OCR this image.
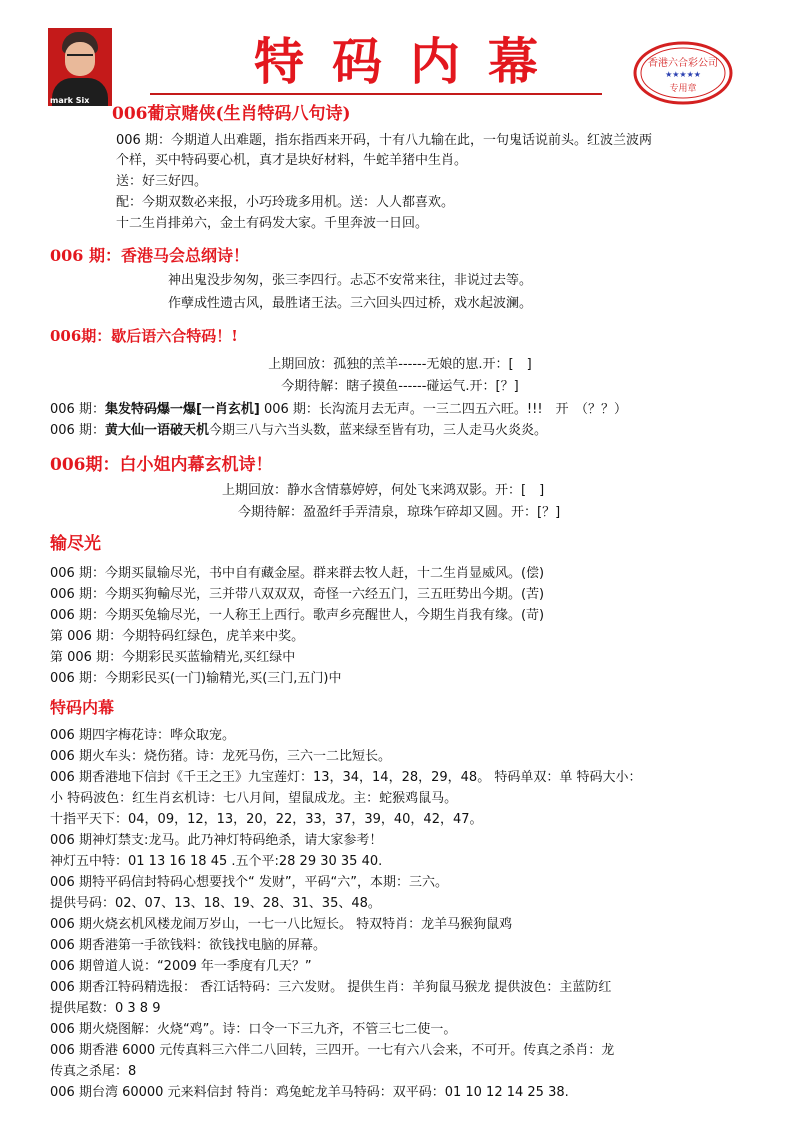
mark Six
特码内幕	香港六合彩公司
★★★★★
专用章
006葡京赌侠(生肖特码八句诗)
006 期：今期道人出难题，指东指西来开码，十有八九输在此，一句鬼话说前头。红波兰波两
个样，买中特码要心机，真才是块好材料，牛蛇羊猪中生肖。
送：好三好四。
配：今期双数必来报，小巧玲珑多用机。送：人人都喜欢。
十二生肖排弟六，金土有码发大家。千里奔波一日回。
006 期：香港马会总纲诗！
神出鬼没步匆匆，张三李四行。忐忑不安常来往，非说过去等。
作孽成性遗古风，最胜诸王法。三六回头四过桥，戏水起波澜。
006期：歇后语六合特码！!
上期回放：孤独的羔羊------无娘的崽.开：[　]
今期待解：瞎子摸鱼------碰运气.开：[？]
006 期：集发特码爆一爆[一肖玄机] 006 期：长沟流月去无声。一三二四五六旺。!!!　开　（？？）
006 期：黄大仙一语破天机今期三八与六当头数，蓝来绿至皆有功，三人走马火炎炎。
006期：白小姐内幕玄机诗！
上期回放：静水含情慕婷婷，何处飞来鸿双影。开：[　]
今期待解：盈盈纤手弄清泉，琼珠乍碎却又圆。开：[？]
输尽光
006 期：今期买鼠输尽光，书中自有藏金屋。群来群去牧人赶，十二生肖显威风。(偿)
006 期：今期买狗輸尽光，三并带八双双双，奇怪一六经五门，三五旺势出今期。(苦)
006 期：今期买兔输尽光，一人称王上西行。歌声乡亮醒世人，今期生肖我有缘。(苛)
第 006 期：今期特码红绿色，虎羊来中奖。
第 006 期：今期彩民买蓝输精光,买红绿中
006 期：今期彩民买(一门)输精光,买(三门,五门)中
特码内幕
006 期四字梅花诗：哗众取宠。
006 期火车头：烧伤猪。诗：龙死马伤，三六一二比短长。
006 期香港地下信封《千王之王》九宝莲灯：13，34，14，28，29，48。 特码单双：单 特码大小：
小 特码波色：红生肖玄机诗：七八月间，望鼠成龙。主：蛇猴鸡鼠马。
十指平天下：04，09，12，13，20，22，33，37，39，40，42，47。
006 期神灯禁支:龙马。此乃神灯特码绝杀，请大家参考！
神灯五中特：01 13 16 18 45 .五个平:28 29 30 35 40.
006 期特平码信封特码心想要找个“ 发财”，平码“六”，本期：三六。
提供号码：02、07、13、18、19、28、31、35、48。
006 期火烧玄机风楼龙闹万岁山，一七一八比短长。 特双特肖：龙羊马猴狗鼠鸡
006 期香港第一手欲钱料：欲钱找电脑的屏幕。
006 期曾道人说：“2009 年一季度有几天？”
006 期香江特码精选报： 香江话特码：三六发财。 提供生肖：羊狗鼠马猴龙 提供波色：主蓝防红
提供尾数：0 3 8 9
006 期火烧图解：火烧“鸡”。诗：口令一下三九齐，不管三七二使一。
006 期香港 6000 元传真料三六伴二八回转，三四开。一七有六八会来，不可开。传真之杀肖：龙
传真之杀尾：8
006 期台湾 60000 元来料信封 特肖：鸡兔蛇龙羊马特码：双平码：01 10 12 14 25 38.
